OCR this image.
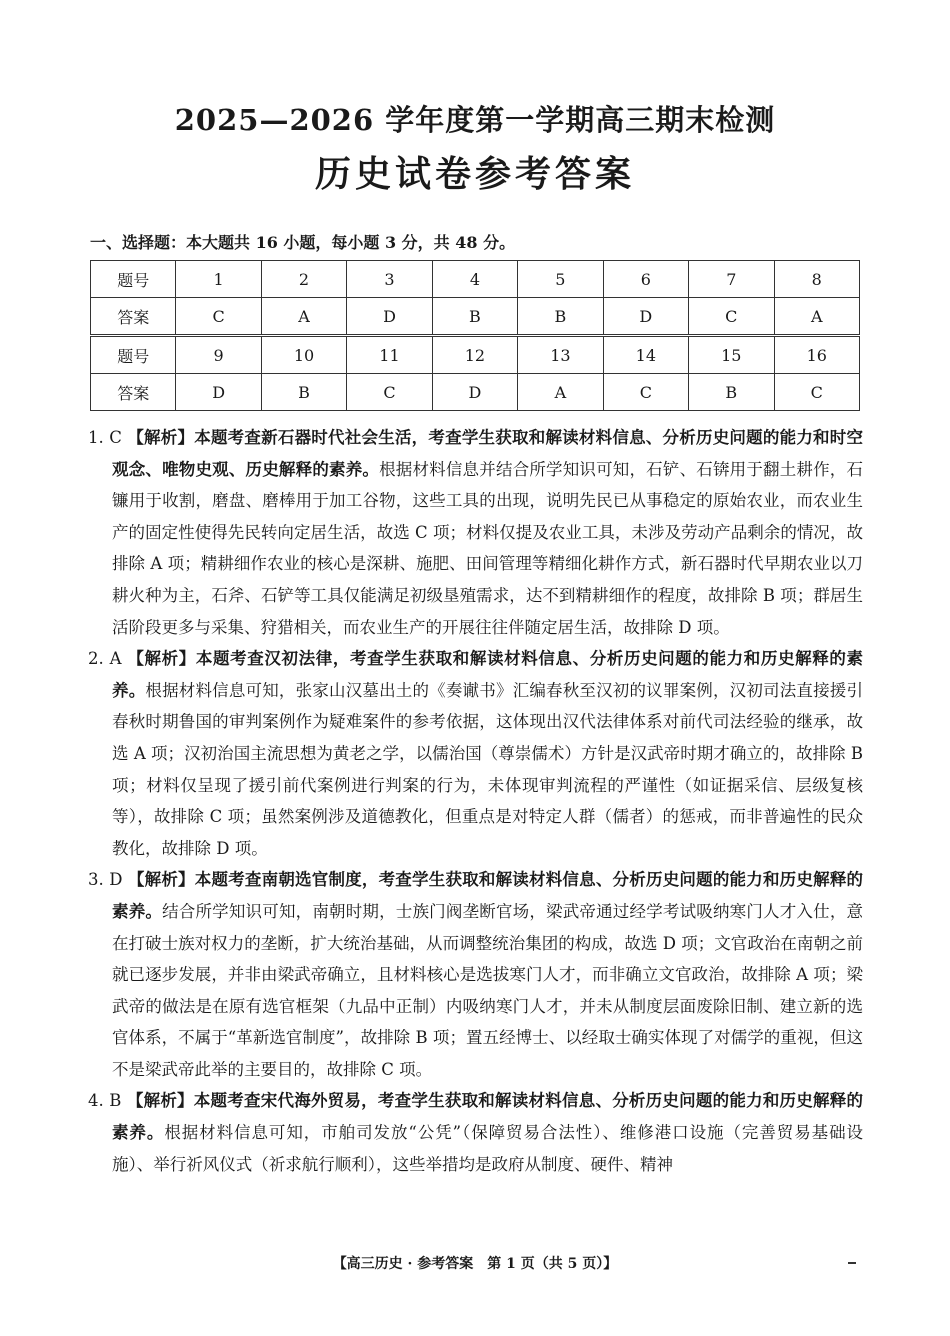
2025—2026 学年度第一学期高三期末检测
历史试卷参考答案
一、选择题：本大题共 16 小题，每小题 3 分，共 48 分。
题号	1	2	3	4	5	6	7	8
答案	C	A	D	B	B	D	C	A
题号	9	10	11	12	13	14	15	16
答案	D	B	C	D	A	C	B	C

1. C 【解析】本题考查新石器时代社会生活，考查学生获取和解读材料信息、分析历史问题的能力和时空观念、唯物史观、历史解释的素养。根据材料信息并结合所学知识可知，石铲、石锛用于翻土耕作，石镰用于收割，磨盘、磨棒用于加工谷物，这些工具的出现，说明先民已从事稳定的原始农业，而农业生产的固定性使得先民转向定居生活，故选 C 项；材料仅提及农业工具，未涉及劳动产品剩余的情况，故排除 A 项；精耕细作农业的核心是深耕、施肥、田间管理等精细化耕作方式，新石器时代早期农业以刀耕火种为主，石斧、石铲等工具仅能满足初级垦殖需求，达不到精耕细作的程度，故排除 B 项；群居生活阶段更多与采集、狩猎相关，而农业生产的开展往往伴随定居生活，故排除 D 项。

2. A 【解析】本题考查汉初法律，考查学生获取和解读材料信息、分析历史问题的能力和历史解释的素养。根据材料信息可知，张家山汉墓出土的《奏谳书》汇编春秋至汉初的议罪案例，汉初司法直接援引春秋时期鲁国的审判案例作为疑难案件的参考依据，这体现出汉代法律体系对前代司法经验的继承，故选 A 项；汉初治国主流思想为黄老之学，以儒治国（尊崇儒术）方针是汉武帝时期才确立的，故排除 B 项；材料仅呈现了援引前代案例进行判案的行为，未体现审判流程的严谨性（如证据采信、层级复核等），故排除 C 项；虽然案例涉及道德教化，但重点是对特定人群（儒者）的惩戒，而非普遍性的民众教化，故排除 D 项。

3. D 【解析】本题考查南朝选官制度，考查学生获取和解读材料信息、分析历史问题的能力和历史解释的素养。结合所学知识可知，南朝时期，士族门阀垄断官场，梁武帝通过经学考试吸纳寒门人才入仕，意在打破士族对权力的垄断，扩大统治基础，从而调整统治集团的构成，故选 D 项；文官政治在南朝之前就已逐步发展，并非由梁武帝确立，且材料核心是选拔寒门人才，而非确立文官政治，故排除 A 项；梁武帝的做法是在原有选官框架（九品中正制）内吸纳寒门人才，并未从制度层面废除旧制、建立新的选官体系，不属于“革新选官制度”，故排除 B 项；置五经博士、以经取士确实体现了对儒学的重视，但这不是梁武帝此举的主要目的，故排除 C 项。

4. B 【解析】本题考查宋代海外贸易，考查学生获取和解读材料信息、分析历史问题的能力和历史解释的素养。根据材料信息可知，市舶司发放“公凭”（保障贸易合法性）、维修港口设施（完善贸易基础设施）、举行祈风仪式（祈求航行顺利），这些举措均是政府从制度、硬件、精神

【高三历史 · 参考答案　第 1 页（共 5 页）】
